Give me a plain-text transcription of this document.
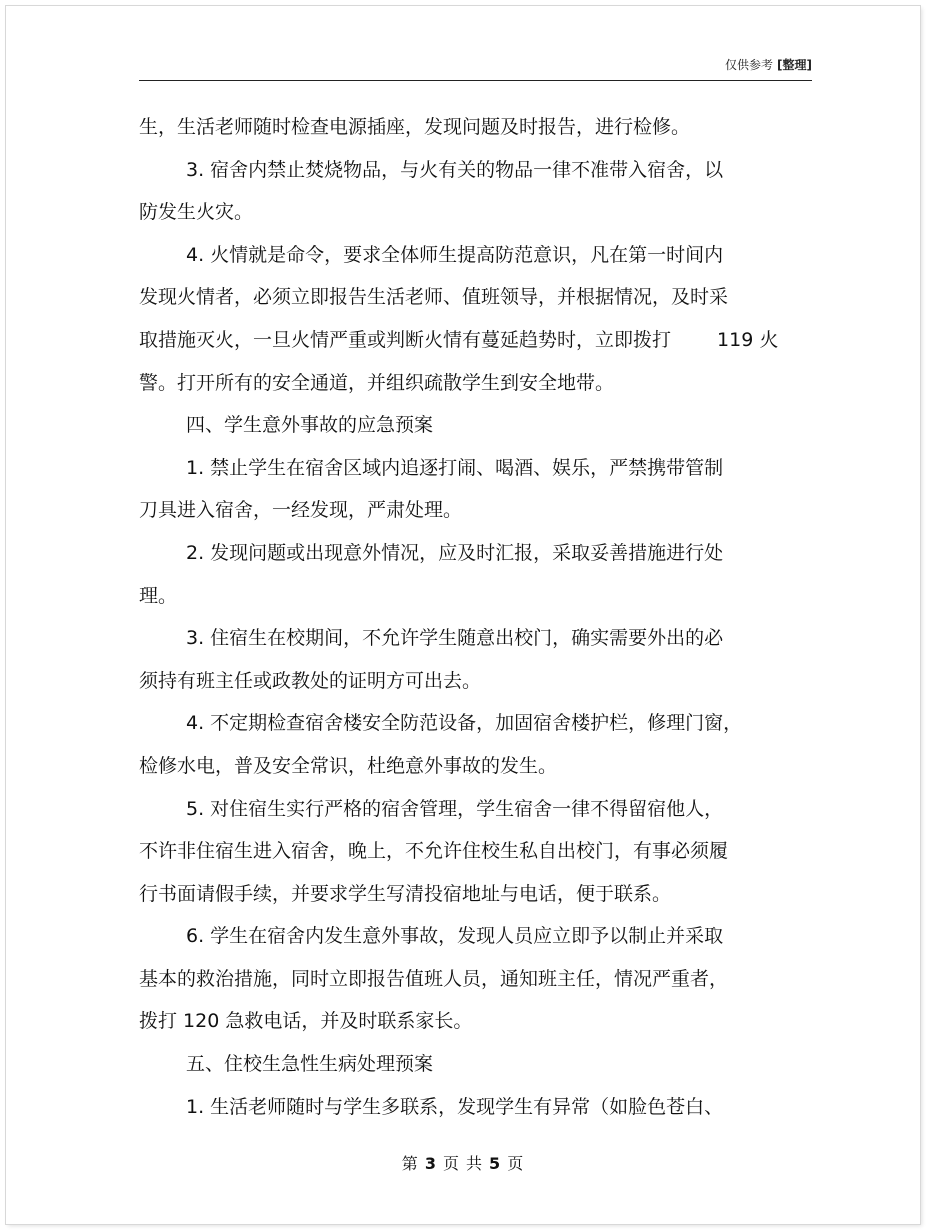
仅供参考 [整理]
生，生活老师随时检查电源插座，发现问题及时报告，进行检修。
3. 宿舍内禁止焚烧物品，与火有关的物品一律不准带入宿舍，以
防发生火灾。
4. 火情就是命令，要求全体师生提高防范意识，凡在第一时间内
发现火情者，必须立即报告生活老师、值班领导，并根据情况，及时采
取措施灭火，一旦火情严重或判断火情有蔓延趋势时，立即拨打 119 火
警。打开所有的安全通道，并组织疏散学生到安全地带。
四、学生意外事故的应急预案
1. 禁止学生在宿舍区域内追逐打闹、喝酒、娱乐，严禁携带管制
刀具进入宿舍，一经发现，严肃处理。
2. 发现问题或出现意外情况，应及时汇报，采取妥善措施进行处
理。
3. 住宿生在校期间，不允许学生随意出校门，确实需要外出的必
须持有班主任或政教处的证明方可出去。
4. 不定期检查宿舍楼安全防范设备，加固宿舍楼护栏，修理门窗，
检修水电，普及安全常识，杜绝意外事故的发生。
5. 对住宿生实行严格的宿舍管理，学生宿舍一律不得留宿他人，
不许非住宿生进入宿舍，晚上，不允许住校生私自出校门，有事必须履
行书面请假手续，并要求学生写清投宿地址与电话，便于联系。
6. 学生在宿舍内发生意外事故，发现人员应立即予以制止并采取
基本的救治措施，同时立即报告值班人员，通知班主任，情况严重者，
拨打 120 急救电话，并及时联系家长。
五、住校生急性生病处理预案
1. 生活老师随时与学生多联系，发现学生有异常（如脸色苍白、
第 3 页 共 5 页
